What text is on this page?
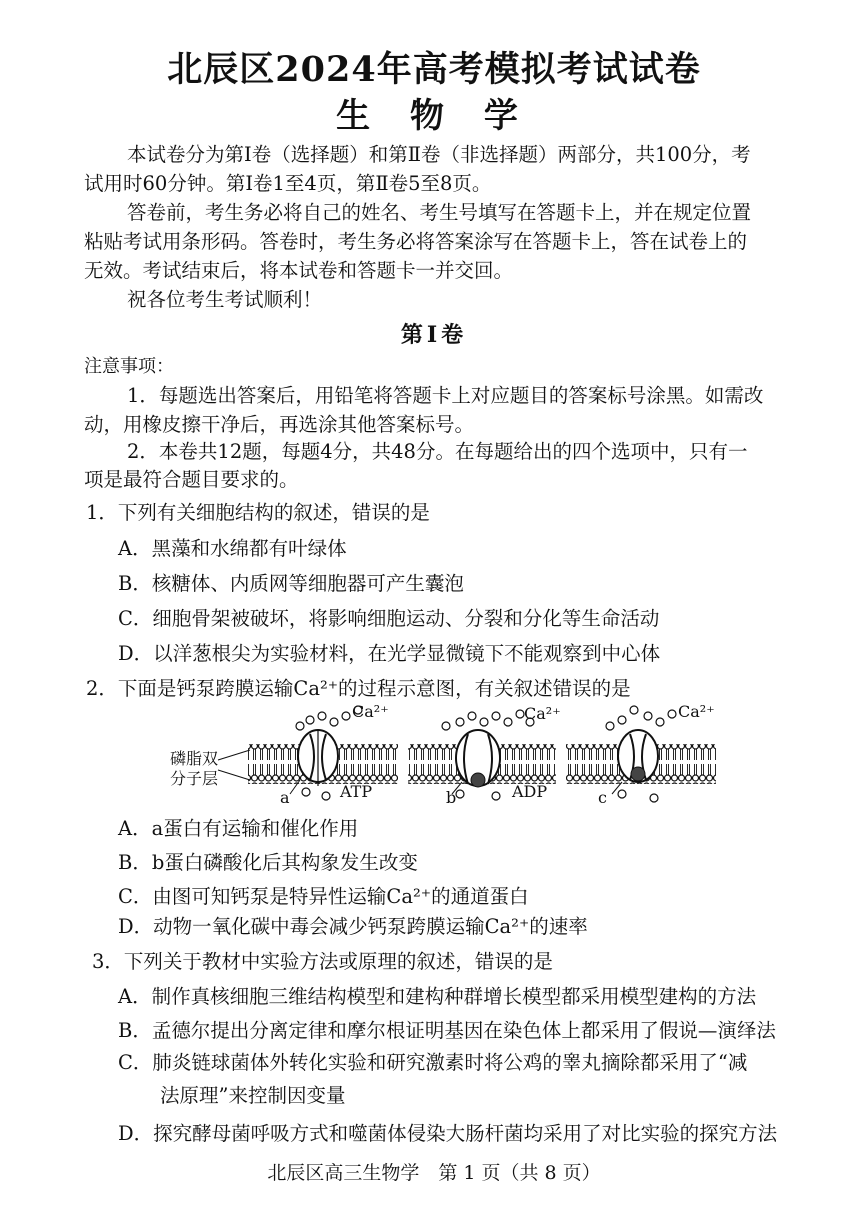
北辰区2024年高考模拟考试试卷
生 物 学
本试卷分为第Ⅰ卷（选择题）和第Ⅱ卷（非选择题）两部分，共100分，考
试用时60分钟。第Ⅰ卷1至4页，第Ⅱ卷5至8页。
答卷前，考生务必将自己的姓名、考生号填写在答题卡上，并在规定位置
粘贴考试用条形码。答卷时，考生务必将答案涂写在答题卡上，答在试卷上的
无效。考试结束后，将本试卷和答题卡一并交回。
祝各位考生考试顺利！
第Ⅰ卷
注意事项：
1．每题选出答案后，用铅笔将答题卡上对应题目的答案标号涂黑。如需改
动，用橡皮擦干净后，再选涂其他答案标号。
2．本卷共12题，每题4分，共48分。在每题给出的四个选项中，只有一
项是最符合题目要求的。
1．下列有关细胞结构的叙述，错误的是
A．黑藻和水绵都有叶绿体
B．核糖体、内质网等细胞器可产生囊泡
C．细胞骨架被破坏，将影响细胞运动、分裂和分化等生命活动
D．以洋葱根尖为实验材料，在光学显微镜下不能观察到中心体
2．下面是钙泵跨膜运输Ca²⁺的过程示意图，有关叙述错误的是
磷脂双
分子层
Ca²⁺	Ca²⁺	Ca²⁺
a	b	c
ATP	ADP
A．a蛋白有运输和催化作用
B．b蛋白磷酸化后其构象发生改变
C．由图可知钙泵是特异性运输Ca²⁺的通道蛋白
D．动物一氧化碳中毒会减少钙泵跨膜运输Ca²⁺的速率
3．下列关于教材中实验方法或原理的叙述，错误的是
A．制作真核细胞三维结构模型和建构种群增长模型都采用模型建构的方法
B．孟德尔提出分离定律和摩尔根证明基因在染色体上都采用了假说—演绎法
C．肺炎链球菌体外转化实验和研究激素时将公鸡的睾丸摘除都采用了“减
法原理”来控制因变量
D．探究酵母菌呼吸方式和噬菌体侵染大肠杆菌均采用了对比实验的探究方法
北辰区高三生物学　第 1 页（共 8 页）
